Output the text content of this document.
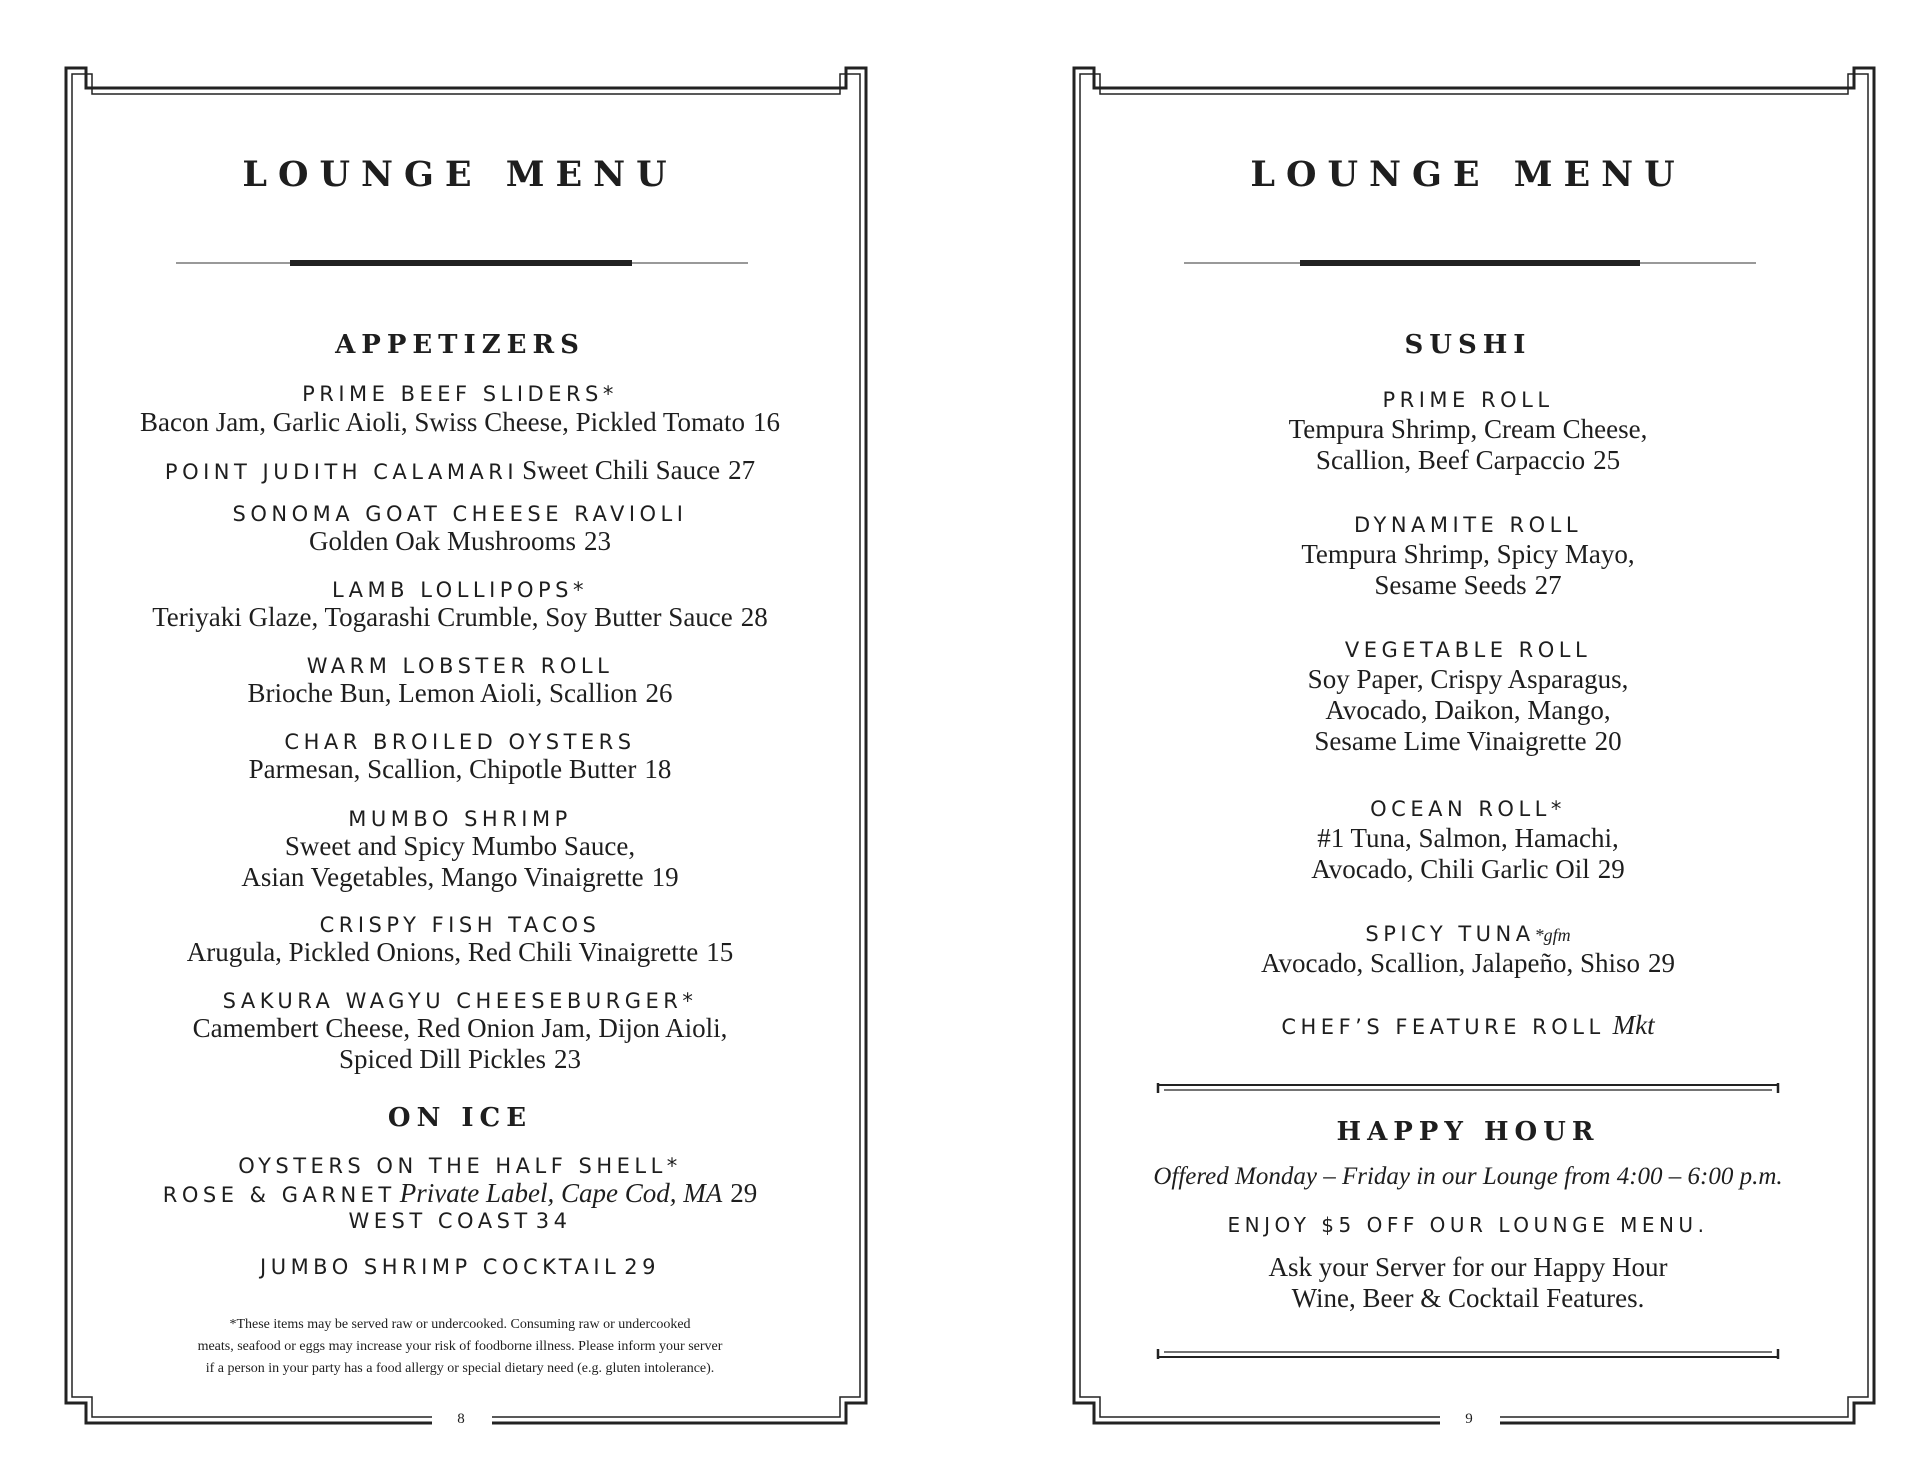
8
LOUNGE MENU
APPETIZERS
PRIME BEEF SLIDERS*
Bacon Jam, Garlic Aioli, Swiss Cheese, Pickled Tomato 16
POINT JUDITH CALAMARI Sweet Chili Sauce 27
SONOMA GOAT CHEESE RAVIOLI
Golden Oak Mushrooms 23
LAMB LOLLIPOPS*
Teriyaki Glaze, Togarashi Crumble, Soy Butter Sauce 28
WARM LOBSTER ROLL
Brioche Bun, Lemon Aioli, Scallion 26
CHAR BROILED OYSTERS
Parmesan, Scallion, Chipotle Butter 18
MUMBO SHRIMP
Sweet and Spicy Mumbo Sauce,
Asian Vegetables, Mango Vinaigrette 19
CRISPY FISH TACOS
Arugula, Pickled Onions, Red Chili Vinaigrette 15
SAKURA WAGYU CHEESEBURGER*
Camembert Cheese, Red Onion Jam, Dijon Aioli,
Spiced Dill Pickles 23
ON ICE
OYSTERS ON THE HALF SHELL*
ROSE & GARNET Private Label, Cape Cod, MA 29
WEST COAST 34
JUMBO SHRIMP COCKTAIL 29
*These items may be served raw or undercooked. Consuming raw or undercooked
meats, seafood or eggs may increase your risk of foodborne illness. Please inform your server
if a person in your party has a food allergy or special dietary need (e.g. gluten intolerance).
9
LOUNGE MENU
SUSHI
PRIME ROLL
Tempura Shrimp, Cream Cheese,
Scallion, Beef Carpaccio 25
DYNAMITE ROLL
Tempura Shrimp, Spicy Mayo,
Sesame Seeds 27
VEGETABLE ROLL
Soy Paper, Crispy Asparagus,
Avocado, Daikon, Mango,
Sesame Lime Vinaigrette 20
OCEAN ROLL*
#1 Tuna, Salmon, Hamachi,
Avocado, Chili Garlic Oil 29
SPICY TUNA*gfm
Avocado, Scallion, Jalapeño, Shiso 29
CHEF’S FEATURE ROLL Mkt
HAPPY HOUR
Offered Monday – Friday in our Lounge from 4:00 – 6:00 p.m.
ENJOY $5 OFF OUR LOUNGE MENU.
Ask your Server for our Happy Hour
Wine, Beer & Cocktail Features.
